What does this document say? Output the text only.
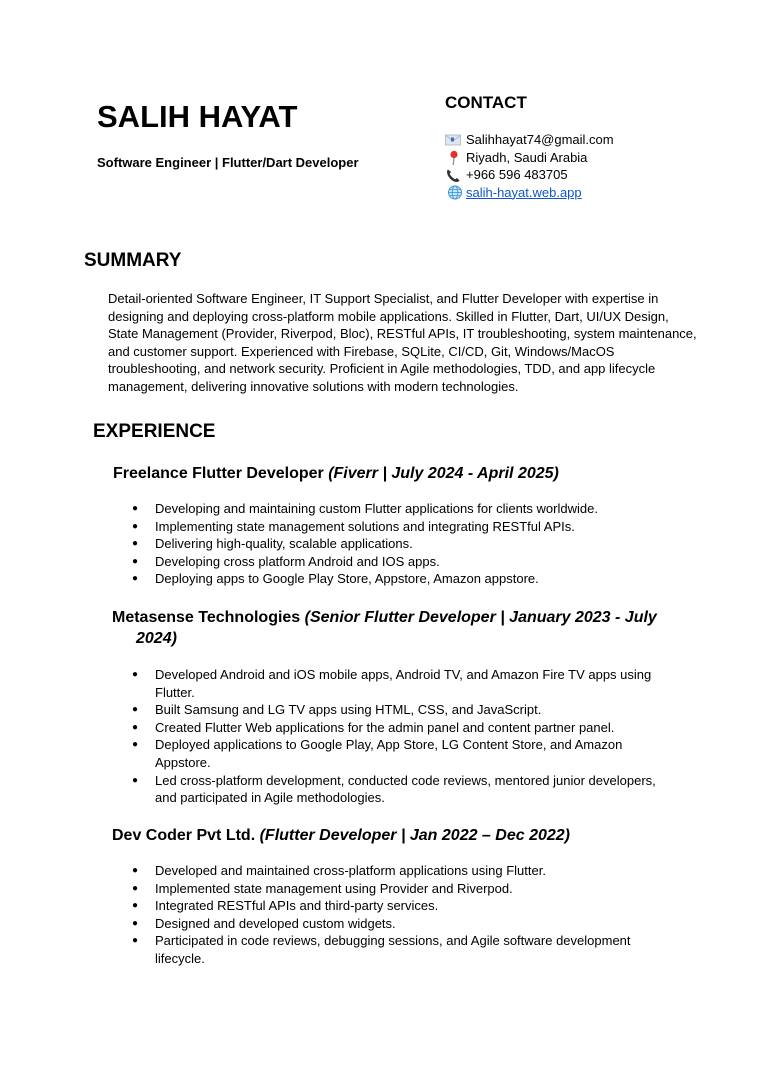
SALIH HAYAT
Software Engineer | Flutter/Dart Developer
CONTACT
Salihhayat74@gmail.com
Riyadh, Saudi Arabia
+966 596 483705
salih-hayat.web.app
SUMMARY
Detail-oriented Software Engineer, IT Support Specialist, and Flutter Developer with expertise in designing and deploying cross-platform mobile applications. Skilled in Flutter, Dart, UI/UX Design, State Management (Provider, Riverpod, Bloc), RESTful APIs, IT troubleshooting, system maintenance, and customer support. Experienced with Firebase, SQLite, CI/CD, Git, Windows/MacOS troubleshooting, and network security. Proficient in Agile methodologies, TDD, and app lifecycle management, delivering innovative solutions with modern technologies.
EXPERIENCE
Freelance Flutter Developer (Fiverr | July 2024 - April 2025)
● Developing and maintaining custom Flutter applications for clients worldwide.
● Implementing state management solutions and integrating RESTful APIs.
● Delivering high-quality, scalable applications.
● Developing cross platform Android and IOS apps.
● Deploying apps to Google Play Store, Appstore, Amazon appstore.
Metasense Technologies (Senior Flutter Developer | January 2023 - July
2024)
● Developed Android and iOS mobile apps, Android TV, and Amazon Fire TV apps using Flutter.
● Built Samsung and LG TV apps using HTML, CSS, and JavaScript.
● Created Flutter Web applications for the admin panel and content partner panel.
● Deployed applications to Google Play, App Store, LG Content Store, and Amazon Appstore.
● Led cross-platform development, conducted code reviews, mentored junior developers, and participated in Agile methodologies.
Dev Coder Pvt Ltd. (Flutter Developer | Jan 2022 – Dec 2022)
● Developed and maintained cross-platform applications using Flutter.
● Implemented state management using Provider and Riverpod.
● Integrated RESTful APIs and third-party services.
● Designed and developed custom widgets.
● Participated in code reviews, debugging sessions, and Agile software development lifecycle.
